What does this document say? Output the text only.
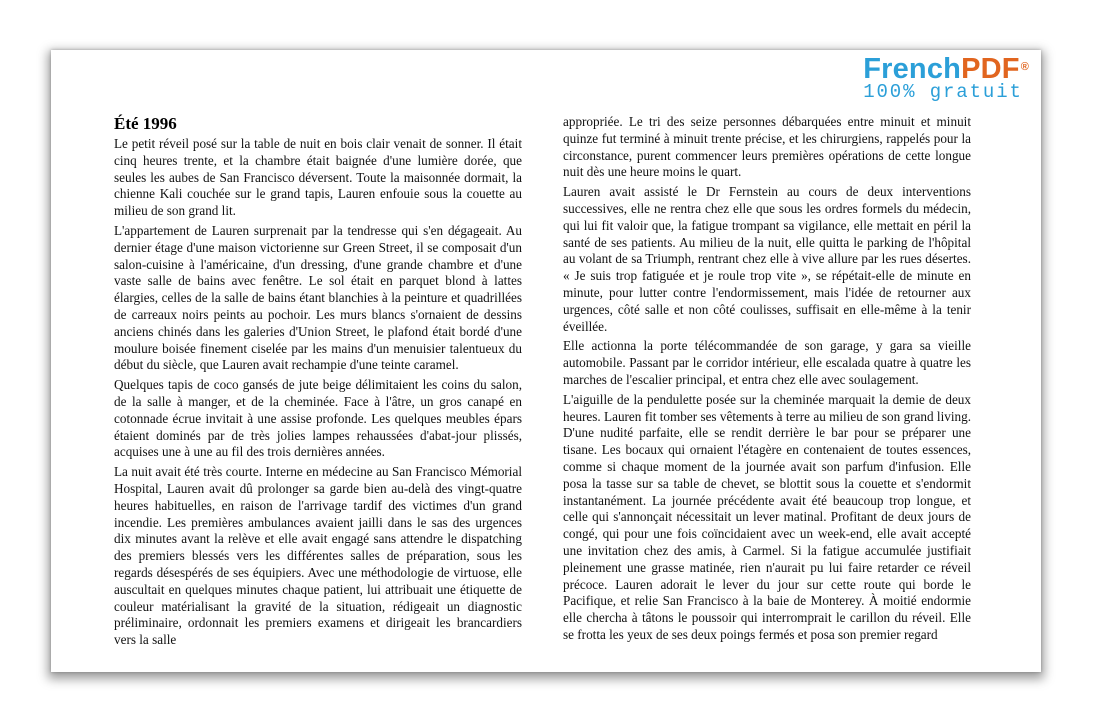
FrenchPDF®
100% gratuit
Été 1996

Le petit réveil posé sur la table de nuit en bois clair venait de sonner. Il était cinq heures trente, et la chambre était baignée d'une lumière dorée, que seules les aubes de San Francisco déversent. Toute la maisonnée dormait, la chienne Kali couchée sur le grand tapis, Lauren enfouie sous la couette au milieu de son grand lit.

L'appartement de Lauren surprenait par la tendresse qui s'en dégageait. Au dernier étage d'une maison victorienne sur Green Street, il se composait d'un salon-cuisine à l'américaine, d'un dressing, d'une grande chambre et d'une vaste salle de bains avec fenêtre. Le sol était en parquet blond à lattes élargies, celles de la salle de bains étant blanchies à la peinture et quadrillées de carreaux noirs peints au pochoir. Les murs blancs s'ornaient de dessins anciens chinés dans les galeries d'Union Street, le plafond était bordé d'une moulure boisée finement ciselée par les mains d'un menuisier talentueux du début du siècle, que Lauren avait rechampie d'une teinte caramel.

Quelques tapis de coco gansés de jute beige délimitaient les coins du salon, de la salle à manger, et de la cheminée. Face à l'âtre, un gros canapé en cotonnade écrue invitait à une assise profonde. Les quelques meubles épars étaient dominés par de très jolies lampes rehaussées d'abat-jour plissés, acquises une à une au fil des trois dernières années.

La nuit avait été très courte. Interne en médecine au San Francisco Mémorial Hospital, Lauren avait dû prolonger sa garde bien au-delà des vingt-quatre heures habituelles, en raison de l'arrivage tardif des victimes d'un grand incendie. Les premières ambulances avaient jailli dans le sas des urgences dix minutes avant la relève et elle avait engagé sans attendre le dispatching des premiers blessés vers les différentes salles de préparation, sous les regards désespérés de ses équipiers. Avec une méthodologie de virtuose, elle auscultait en quelques minutes chaque patient, lui attribuait une étiquette de couleur matérialisant la gravité de la situation, rédigeait un diagnostic préliminaire, ordonnait les premiers examens et dirigeait les brancardiers vers la salle

appropriée. Le tri des seize personnes débarquées entre minuit et minuit quinze fut terminé à minuit trente précise, et les chirurgiens, rappelés pour la circonstance, purent commencer leurs premières opérations de cette longue nuit dès une heure moins le quart.

Lauren avait assisté le Dr Fernstein au cours de deux interventions successives, elle ne rentra chez elle que sous les ordres formels du médecin, qui lui fit valoir que, la fatigue trompant sa vigilance, elle mettait en péril la santé de ses patients. Au milieu de la nuit, elle quitta le parking de l'hôpital au volant de sa Triumph, rentrant chez elle à vive allure par les rues désertes. « Je suis trop fatiguée et je roule trop vite », se répétait-elle de minute en minute, pour lutter contre l'endormissement, mais l'idée de retourner aux urgences, côté salle et non côté coulisses, suffisait en elle-même à la tenir éveillée.

Elle actionna la porte télécommandée de son garage, y gara sa vieille automobile. Passant par le corridor intérieur, elle escalada quatre à quatre les marches de l'escalier principal, et entra chez elle avec soulagement.

L'aiguille de la pendulette posée sur la cheminée marquait la demie de deux heures. Lauren fit tomber ses vêtements à terre au milieu de son grand living. D'une nudité parfaite, elle se rendit derrière le bar pour se préparer une tisane. Les bocaux qui ornaient l'étagère en contenaient de toutes essences, comme si chaque moment de la journée avait son parfum d'infusion. Elle posa la tasse sur sa table de chevet, se blottit sous la couette et s'endormit instantanément. La journée précédente avait été beaucoup trop longue, et celle qui s'annonçait nécessitait un lever matinal. Profitant de deux jours de congé, qui pour une fois coïncidaient avec un week-end, elle avait accepté une invitation chez des amis, à Carmel. Si la fatigue accumulée justifiait pleinement une grasse matinée, rien n'aurait pu lui faire retarder ce réveil précoce. Lauren adorait le lever du jour sur cette route qui borde le Pacifique, et relie San Francisco à la baie de Monterey. À moitié endormie elle chercha à tâtons le poussoir qui interromprait le carillon du réveil. Elle se frotta les yeux de ses deux poings fermés et posa son premier regard
